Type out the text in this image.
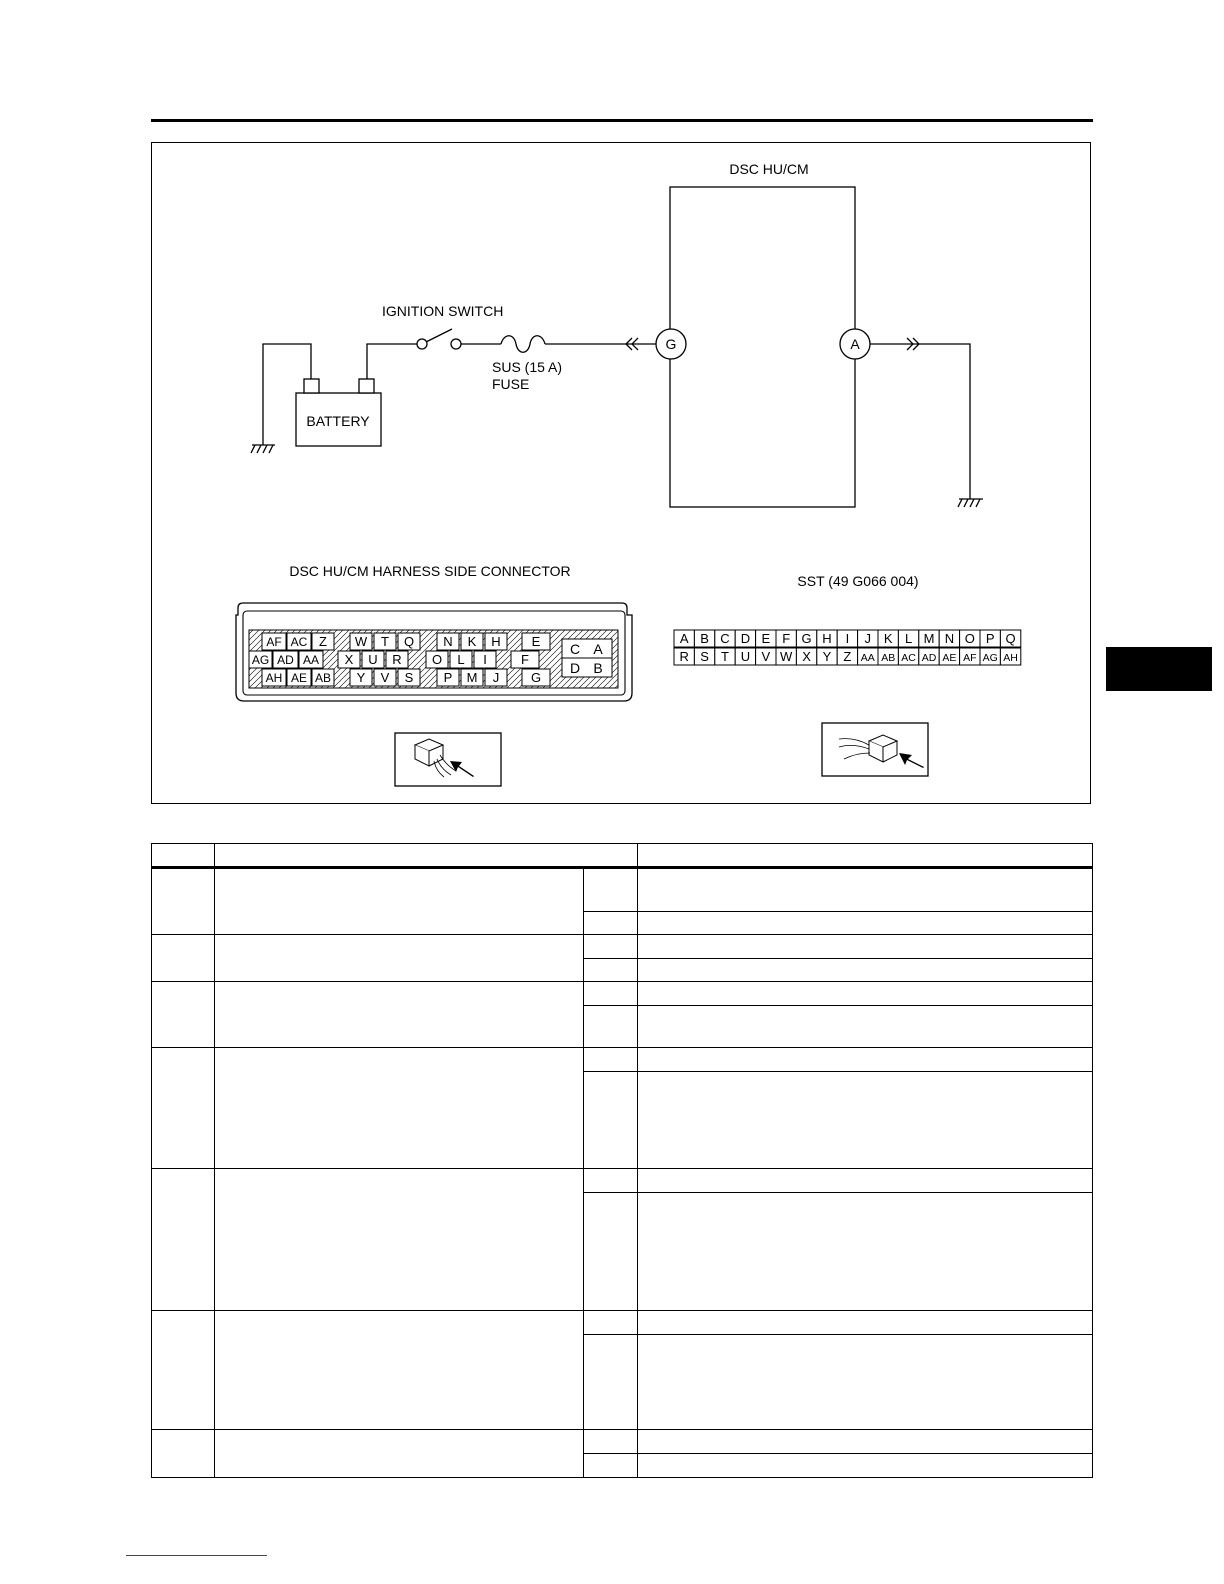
DSC HU/CM
BATTERY
IGNITION SWITCH
SUS (15 A)
FUSE
G	A
DSC HU/CM HARNESS SIDE CONNECTOR
AF AC Z W T Q N K H E
AG AD AA X U R O L I	F
AH AE AB Y V S P M J G
C A
D B
SST (49 G066 004)
A B C D E F G H I J K L M N O P Q
R S T U V W X Y Z AA AB AC AD AE AF AG AH
